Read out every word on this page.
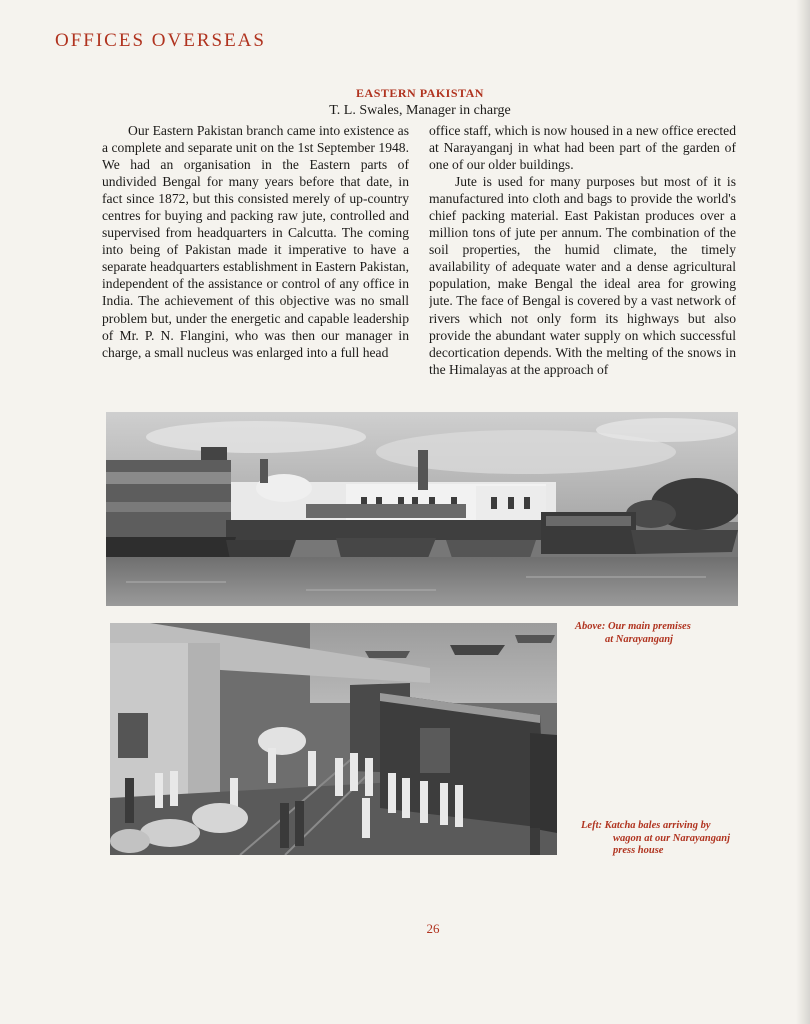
OFFICES OVERSEAS
EASTERN PAKISTAN
T. L. Swales, Manager in charge

Our Eastern Pakistan branch came into existence as a complete and separate unit on the 1st September 1948. We had an organisation in the Eastern parts of undivided Bengal for many years before that date, in fact since 1872, but this consisted merely of up-country centres for buying and packing raw jute, controlled and supervised from headquarters in Calcutta. The coming into being of Pakistan made it imperative to have a separate headquarters establishment in Eastern Pakistan, independent of the assistance or control of any office in India. The achievement of this objective was no small problem but, under the energetic and capable leadership of Mr. P. N. Flangini, who was then our manager in charge, a small nucleus was enlarged into a full head

office staff, which is now housed in a new office erected at Narayanganj in what had been part of the garden of one of our older buildings.

Jute is used for many purposes but most of it is manufactured into cloth and bags to provide the world's chief packing material. East Pakistan produces over a million tons of jute per annum. The combination of the soil properties, the humid climate, the timely availability of adequate water and a dense agricultural population, make Bengal the ideal area for growing jute. The face of Bengal is covered by a vast network of rivers which not only form its highways but also provide the abundant water supply on which successful decortication depends. With the melting of the snows in the Himalayas at the approach of

Above: Our main premises
at Narayanganj
Left: Katcha bales arriving by
wagon at our Narayanganj
press house
26
